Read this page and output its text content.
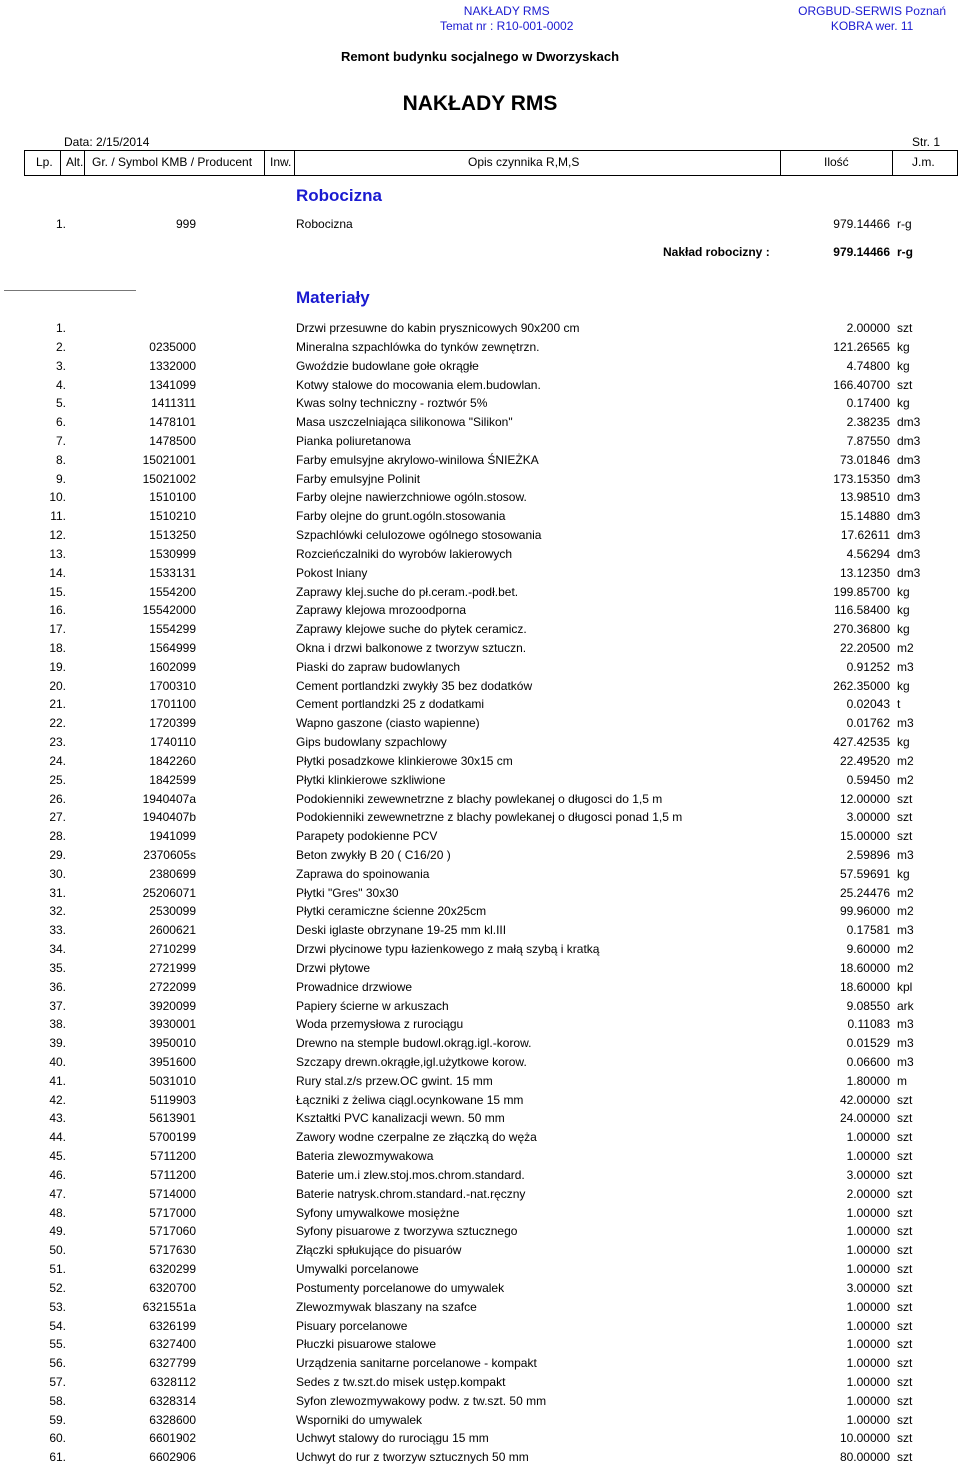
NAKŁADY RMS
Temat nr : R10-001-0002
ORGBUD-SERWIS Poznań
KOBRA wer. 11
Remont budynku socjalnego w Dworzyskach
NAKŁADY RMS
Data: 2/15/2014	Str. 1
Lp. Alt. Gr. / Symbol KMB / Producent Inw.	Opis czynnika R,M,S	Ilość	J.m.
Robocizna
1.	999	Robocizna	979.14466 r-g
Nakład robocizny :	979.14466 r-g
Materiały
1.	Drzwi przesuwne do kabin prysznicowych 90x200 cm	2.00000 szt
2.	0235000	Mineralna szpachlówka do tynków zewnętrzn.	121.26565 kg
3.	1332000	Gwoździe budowlane gołe okrągłe	4.74800 kg
4.	1341099	Kotwy stalowe do mocowania elem.budowlan.	166.40700 szt
5.	1411311	Kwas solny techniczny - roztwór 5%	0.17400 kg
6.	1478101	Masa uszczelniająca silikonowa "Silikon"	2.38235 dm3
7.	1478500	Pianka poliuretanowa	7.87550 dm3
8.	15021001	Farby emulsyjne akrylowo-winilowa ŚNIEŻKA	73.01846 dm3
9.	15021002	Farby emulsyjne Polinit	173.15350 dm3
10.	1510100	Farby olejne nawierzchniowe ogóln.stosow.	13.98510 dm3
11.	1510210	Farby olejne do grunt.ogóln.stosowania	15.14880 dm3
12.	1513250	Szpachlówki celulozowe ogólnego stosowania	17.62611 dm3
13.	1530999	Rozcieńczalniki do wyrobów lakierowych	4.56294 dm3
14.	1533131	Pokost lniany	13.12350 dm3
15.	1554200	Zaprawy klej.suche do pł.ceram.-podł.bet.	199.85700 kg
16.	15542000	Zaprawy klejowa mrozoodporna	116.58400 kg
17.	1554299	Zaprawy klejowe suche do płytek ceramicz.	270.36800 kg
18.	1564999	Okna i drzwi balkonowe z tworzyw sztuczn.	22.20500 m2
19.	1602099	Piaski do zapraw budowlanych	0.91252 m3
20.	1700310	Cement portlandzki zwykły 35 bez dodatków	262.35000 kg
21.	1701100	Cement portlandzki 25 z dodatkami	0.02043 t
22.	1720399	Wapno gaszone (ciasto wapienne)	0.01762 m3
23.	1740110	Gips budowlany szpachlowy	427.42535 kg
24.	1842260	Płytki posadzkowe klinkierowe 30x15 cm	22.49520 m2
25.	1842599	Płytki klinkierowe szkliwione	0.59450 m2
26.	1940407a	Podokienniki zewewnetrzne z blachy powlekanej o długosci do 1,5 m	12.00000 szt
27.	1940407b	Podokienniki zewewnetrzne z blachy powlekanej o długosci ponad 1,5 m	3.00000 szt
28.	1941099	Parapety podokienne PCV	15.00000 szt
29.	2370605s	Beton zwykły B 20 ( C16/20 )	2.59896 m3
30.	2380699	Zaprawa do spoinowania	57.59691 kg
31.	25206071	Płytki "Gres" 30x30	25.24476 m2
32.	2530099	Płytki ceramiczne ścienne 20x25cm	99.96000 m2
33.	2600621	Deski iglaste obrzynane 19-25 mm kl.III	0.17581 m3
34.	2710299	Drzwi płycinowe typu łazienkowego z małą szybą i kratką	9.60000 m2
35.	2721999	Drzwi płytowe	18.60000 m2
36.	2722099	Prowadnice drzwiowe	18.60000 kpl
37.	3920099	Papiery ścierne w arkuszach	9.08550 ark
38.	3930001	Woda przemysłowa z rurociągu	0.11083 m3
39.	3950010	Drewno na stemple budowl.okrąg.igl.-korow.	0.01529 m3
40.	3951600	Szczapy drewn.okrągłe,igl.użytkowe korow.	0.06600 m3
41.	5031010	Rury stal.z/s przew.OC gwint. 15 mm	1.80000 m
42.	5119903	Łączniki z żeliwa ciągl.ocynkowane 15 mm	42.00000 szt
43.	5613901	Kształtki PVC kanalizacji wewn. 50 mm	24.00000 szt
44.	5700199	Zawory wodne czerpalne ze złączką do węża	1.00000 szt
45.	5711200	Bateria zlewozmywakowa	1.00000 szt
46.	5711200	Baterie um.i zlew.stoj.mos.chrom.standard.	3.00000 szt
47.	5714000	Baterie natrysk.chrom.standard.-nat.ręczny	2.00000 szt
48.	5717000	Syfony umywalkowe mosiężne	1.00000 szt
49.	5717060	Syfony pisuarowe z tworzywa sztucznego	1.00000 szt
50.	5717630	Złączki spłukujące do pisuarów	1.00000 szt
51.	6320299	Umywalki porcelanowe	1.00000 szt
52.	6320700	Postumenty porcelanowe do umywalek	3.00000 szt
53.	6321551a	Zlewozmywak blaszany na szafce	1.00000 szt
54.	6326199	Pisuary porcelanowe	1.00000 szt
55.	6327400	Płuczki pisuarowe stalowe	1.00000 szt
56.	6327799	Urządzenia sanitarne porcelanowe - kompakt	1.00000 szt
57.	6328112	Sedes z tw.szt.do misek ustęp.kompakt	1.00000 szt
58.	6328314	Syfon zlewozmywakowy podw. z tw.szt. 50 mm	1.00000 szt
59.	6328600	Wsporniki do umywalek	1.00000 szt
60.	6601902	Uchwyt stalowy do rurociągu 15 mm	10.00000 szt
61.	6602906	Uchwyt do rur z tworzyw sztucznych 50 mm	80.00000 szt
